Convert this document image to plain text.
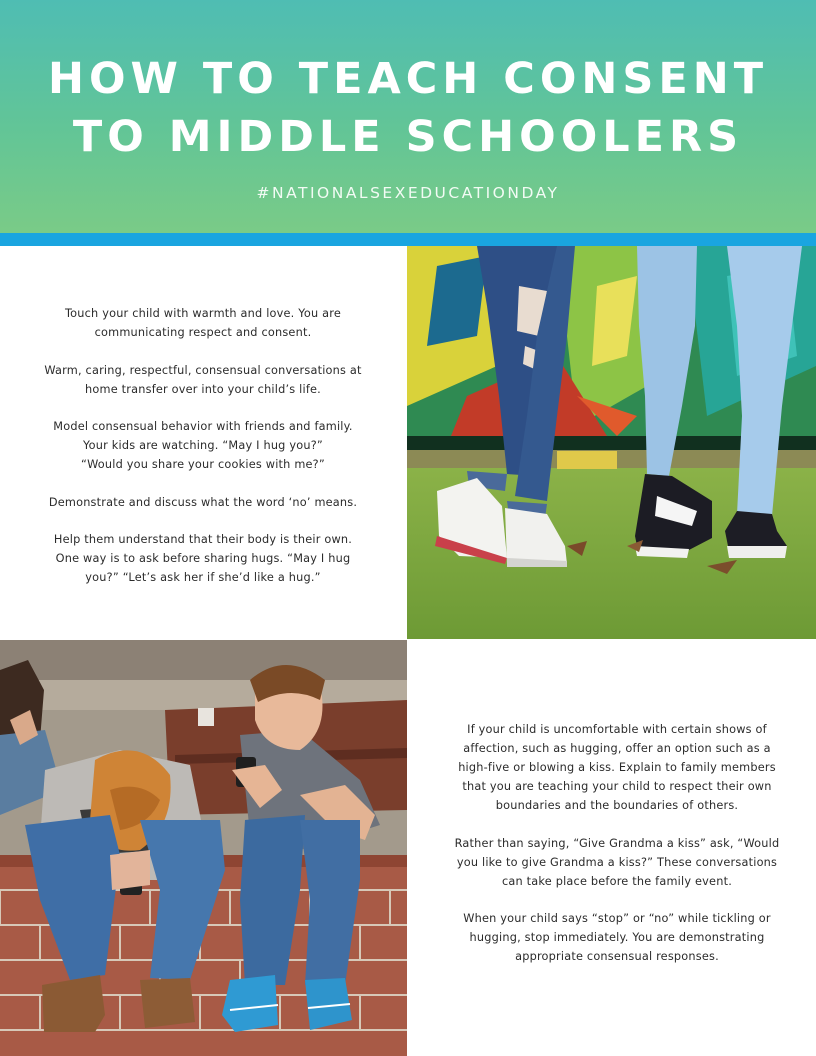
HOW TO TEACH CONSENT
TO MIDDLE SCHOOLERS
#NATIONALSEXEDUCATIONDAY

Touch your child with warmth and love. You are
communicating respect and consent.

Warm, caring, respectful, consensual conversations at
home transfer over into your child’s life.

Model consensual behavior with friends and family.
Your kids are watching. “May I hug you?”
“Would you share your cookies with me?”

Demonstrate and discuss what the word ‘no’ means.

Help them understand that their body is their own.
One way is to ask before sharing hugs. “May I hug
you?” “Let’s ask her if she’d like a hug.”

If your child is uncomfortable with certain shows of
affection, such as hugging, offer an option such as a
high-five or blowing a kiss. Explain to family members
that you are teaching your child to respect their own
boundaries and the boundaries of others.

Rather than saying, “Give Grandma a kiss” ask, “Would
you like to give Grandma a kiss?” These conversations
can take place before the family event.

When your child says “stop” or “no” while tickling or
hugging, stop immediately. You are demonstrating
appropriate consensual responses.
